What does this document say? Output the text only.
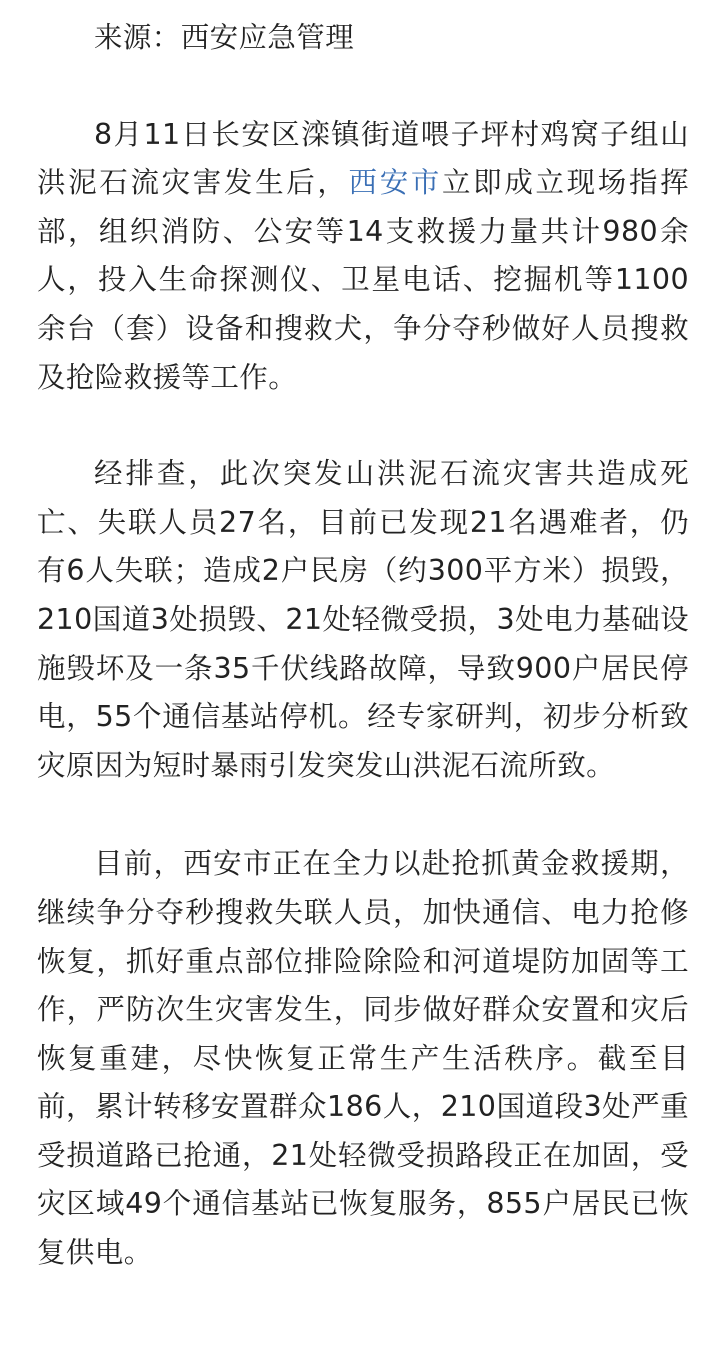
来源：西安应急管理

8月11日长安区滦镇街道喂子坪村鸡窝子组山洪泥石流灾害发生后，西安市立即成立现场指挥部，组织消防、公安等14支救援力量共计980余人，投入生命探测仪、卫星电话、挖掘机等1100余台（套）设备和搜救犬，争分夺秒做好人员搜救及抢险救援等工作。

经排查，此次突发山洪泥石流灾害共造成死亡、失联人员27名，目前已发现21名遇难者，仍有6人失联；造成2户民房（约300平方米）损毁，210国道3处损毁、21处轻微受损，3处电力基础设施毁坏及一条35千伏线路故障，导致900户居民停电，55个通信基站停机。经专家研判，初步分析致灾原因为短时暴雨引发突发山洪泥石流所致。

目前，西安市正在全力以赴抢抓黄金救援期，继续争分夺秒搜救失联人员，加快通信、电力抢修恢复，抓好重点部位排险除险和河道堤防加固等工作，严防次生灾害发生，同步做好群众安置和灾后恢复重建，尽快恢复正常生产生活秩序。截至目前，累计转移安置群众186人，210国道段3处严重受损道路已抢通，21处轻微受损路段正在加固，受灾区域49个通信基站已恢复服务，855户居民已恢复供电。
